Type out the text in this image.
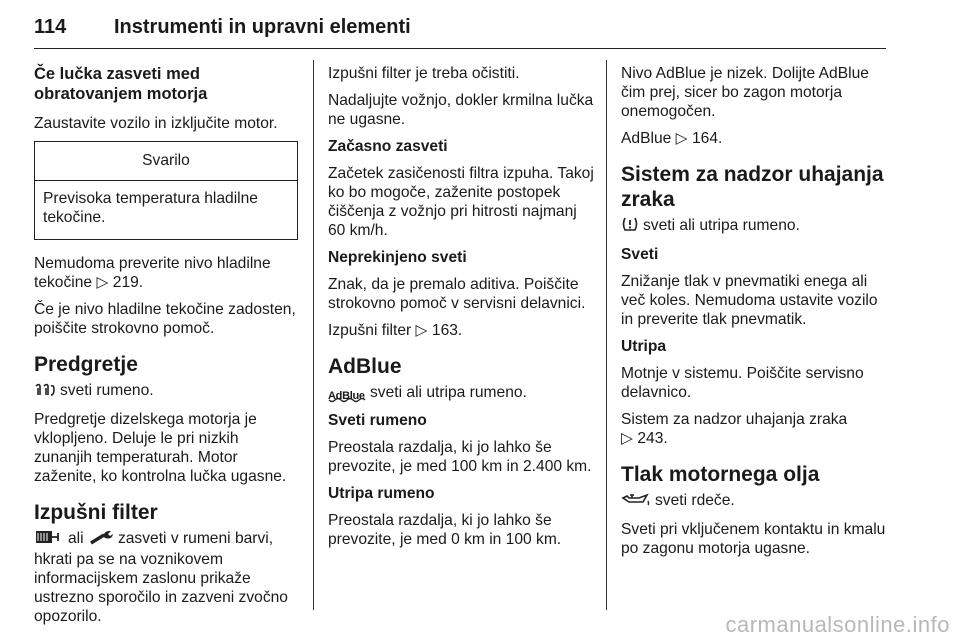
114 Instrumenti in upravni elementi
Če lučka zasveti med obratovanjem motorja

Zaustavite vozilo in izključite motor.

Svarilo
Previsoka temperatura hladilne tekočine.

Nemudoma preverite nivo hladilne tekočine ▷ 219.

Če je nivo hladilne tekočine zadosten, poiščite strokovno pomoč.

Predgretje

sveti rumeno.

Predgretje dizelskega motorja je vklopljeno. Deluje le pri nizkih zunanjih temperaturah. Motor zaženite, ko kontrolna lučka ugasne.

Izpušni filter

ali zasveti v rumeni barvi, hkrati pa se na voznikovem informacijskem zaslonu prikaže ustrezno sporočilo in zazveni zvočno opozorilo.

Izpušni filter je treba očistiti.

Nadaljujte vožnjo, dokler krmilna lučka ne ugasne.

Začasno zasveti

Začetek zasičenosti filtra izpuha. Takoj ko bo mogoče, zaženite postopek čiščenja z vožnjo pri hitrosti najmanj 60 km/h.

Neprekinjeno sveti

Znak, da je premalo aditiva. Poiščite strokovno pomoč v servisni delavnici.

Izpušni filter ▷ 163.

AdBlue

AdBlue sveti ali utripa rumeno.

Sveti rumeno

Preostala razdalja, ki jo lahko še prevozite, je med 100 km in 2.400 km.

Utripa rumeno

Preostala razdalja, ki jo lahko še prevozite, je med 0 km in 100 km.

Nivo AdBlue je nizek. Dolijte AdBlue čim prej, sicer bo zagon motorja onemogočen.

AdBlue ▷ 164.

Sistem za nadzor uhajanja zraka

sveti ali utripa rumeno.

Sveti

Znižanje tlak v pnevmatiki enega ali več koles. Nemudoma ustavite vozilo in preverite tlak pnevmatik.

Utripa

Motnje v sistemu. Poiščite servisno delavnico.

Sistem za nadzor uhajanja zraka
▷ 243.

Tlak motornega olja

sveti rdeče.

Sveti pri vključenem kontaktu in kmalu po zagonu motorja ugasne.

carmanualsonline.info
